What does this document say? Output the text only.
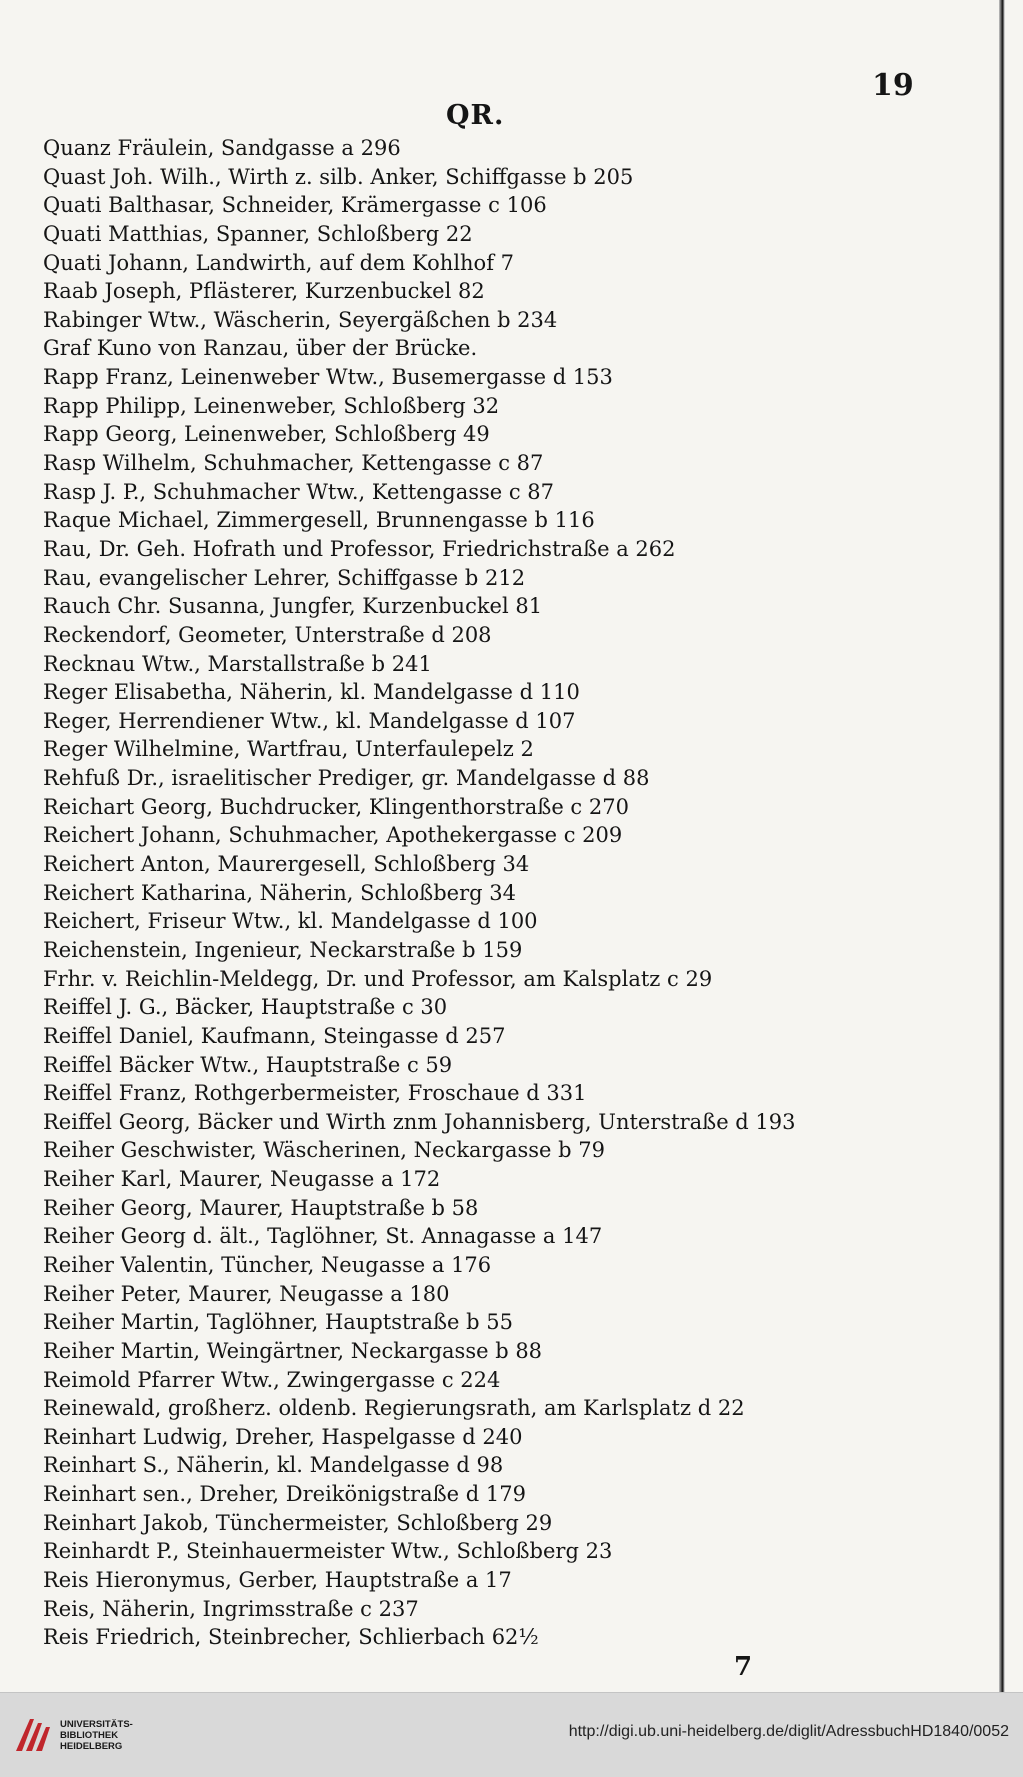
19
QR.
Quanz Fräulein, Sandgasse a 296
Quast Joh. Wilh., Wirth z. silb. Anker, Schiffgasse b 205
Quati Balthasar, Schneider, Krämergasse c 106
Quati Matthias, Spanner, Schloßberg 22
Quati Johann, Landwirth, auf dem Kohlhof 7
Raab Joseph, Pflästerer, Kurzenbuckel 82
Rabinger Wtw., Wäscherin, Seyergäßchen b 234
Graf Kuno von Ranzau, über der Brücke.
Rapp Franz, Leinenweber Wtw., Busemergasse d 153
Rapp Philipp, Leinenweber, Schloßberg 32
Rapp Georg, Leinenweber, Schloßberg 49
Rasp Wilhelm, Schuhmacher, Kettengasse c 87
Rasp J. P., Schuhmacher Wtw., Kettengasse c 87
Raque Michael, Zimmergesell, Brunnengasse b 116
Rau, Dr. Geh. Hofrath und Professor, Friedrichstraße a 262
Rau, evangelischer Lehrer, Schiffgasse b 212
Rauch Chr. Susanna, Jungfer, Kurzenbuckel 81
Reckendorf, Geometer, Unterstraße d 208
Recknau Wtw., Marstallstraße b 241
Reger Elisabetha, Näherin, kl. Mandelgasse d 110
Reger, Herrendiener Wtw., kl. Mandelgasse d 107
Reger Wilhelmine, Wartfrau, Unterfaulepelz 2
Rehfuß Dr., israelitischer Prediger, gr. Mandelgasse d 88
Reichart Georg, Buchdrucker, Klingenthorstraße c 270
Reichert Johann, Schuhmacher, Apothekergasse c 209
Reichert Anton, Maurergesell, Schloßberg 34
Reichert Katharina, Näherin, Schloßberg 34
Reichert, Friseur Wtw., kl. Mandelgasse d 100
Reichenstein, Ingenieur, Neckarstraße b 159
Frhr. v. Reichlin-Meldegg, Dr. und Professor, am Kalsplatz c 29
Reiffel J. G., Bäcker, Hauptstraße c 30
Reiffel Daniel, Kaufmann, Steingasse d 257
Reiffel Bäcker Wtw., Hauptstraße c 59
Reiffel Franz, Rothgerbermeister, Froschaue d 331
Reiffel Georg, Bäcker und Wirth znm Johannisberg, Unterstraße d 193
Reiher Geschwister, Wäscherinen, Neckargasse b 79
Reiher Karl, Maurer, Neugasse a 172
Reiher Georg, Maurer, Hauptstraße b 58
Reiher Georg d. ält., Taglöhner, St. Annagasse a 147
Reiher Valentin, Tüncher, Neugasse a 176
Reiher Peter, Maurer, Neugasse a 180
Reiher Martin, Taglöhner, Hauptstraße b 55
Reiher Martin, Weingärtner, Neckargasse b 88
Reimold Pfarrer Wtw., Zwingergasse c 224
Reinewald, großherz. oldenb. Regierungsrath, am Karlsplatz d 22
Reinhart Ludwig, Dreher, Haspelgasse d 240
Reinhart S., Näherin, kl. Mandelgasse d 98
Reinhart sen., Dreher, Dreikönigstraße d 179
Reinhart Jakob, Tünchermeister, Schloßberg 29
Reinhardt P., Steinhauermeister Wtw., Schloßberg 23
Reis Hieronymus, Gerber, Hauptstraße a 17
Reis, Näherin, Ingrimsstraße c 237
Reis Friedrich, Steinbrecher, Schlierbach 62½
7
UNIVERSITÄTS-
BIBLIOTHEK
HEIDELBERG
http://digi.ub.uni-heidelberg.de/diglit/AdressbuchHD1840/0052
